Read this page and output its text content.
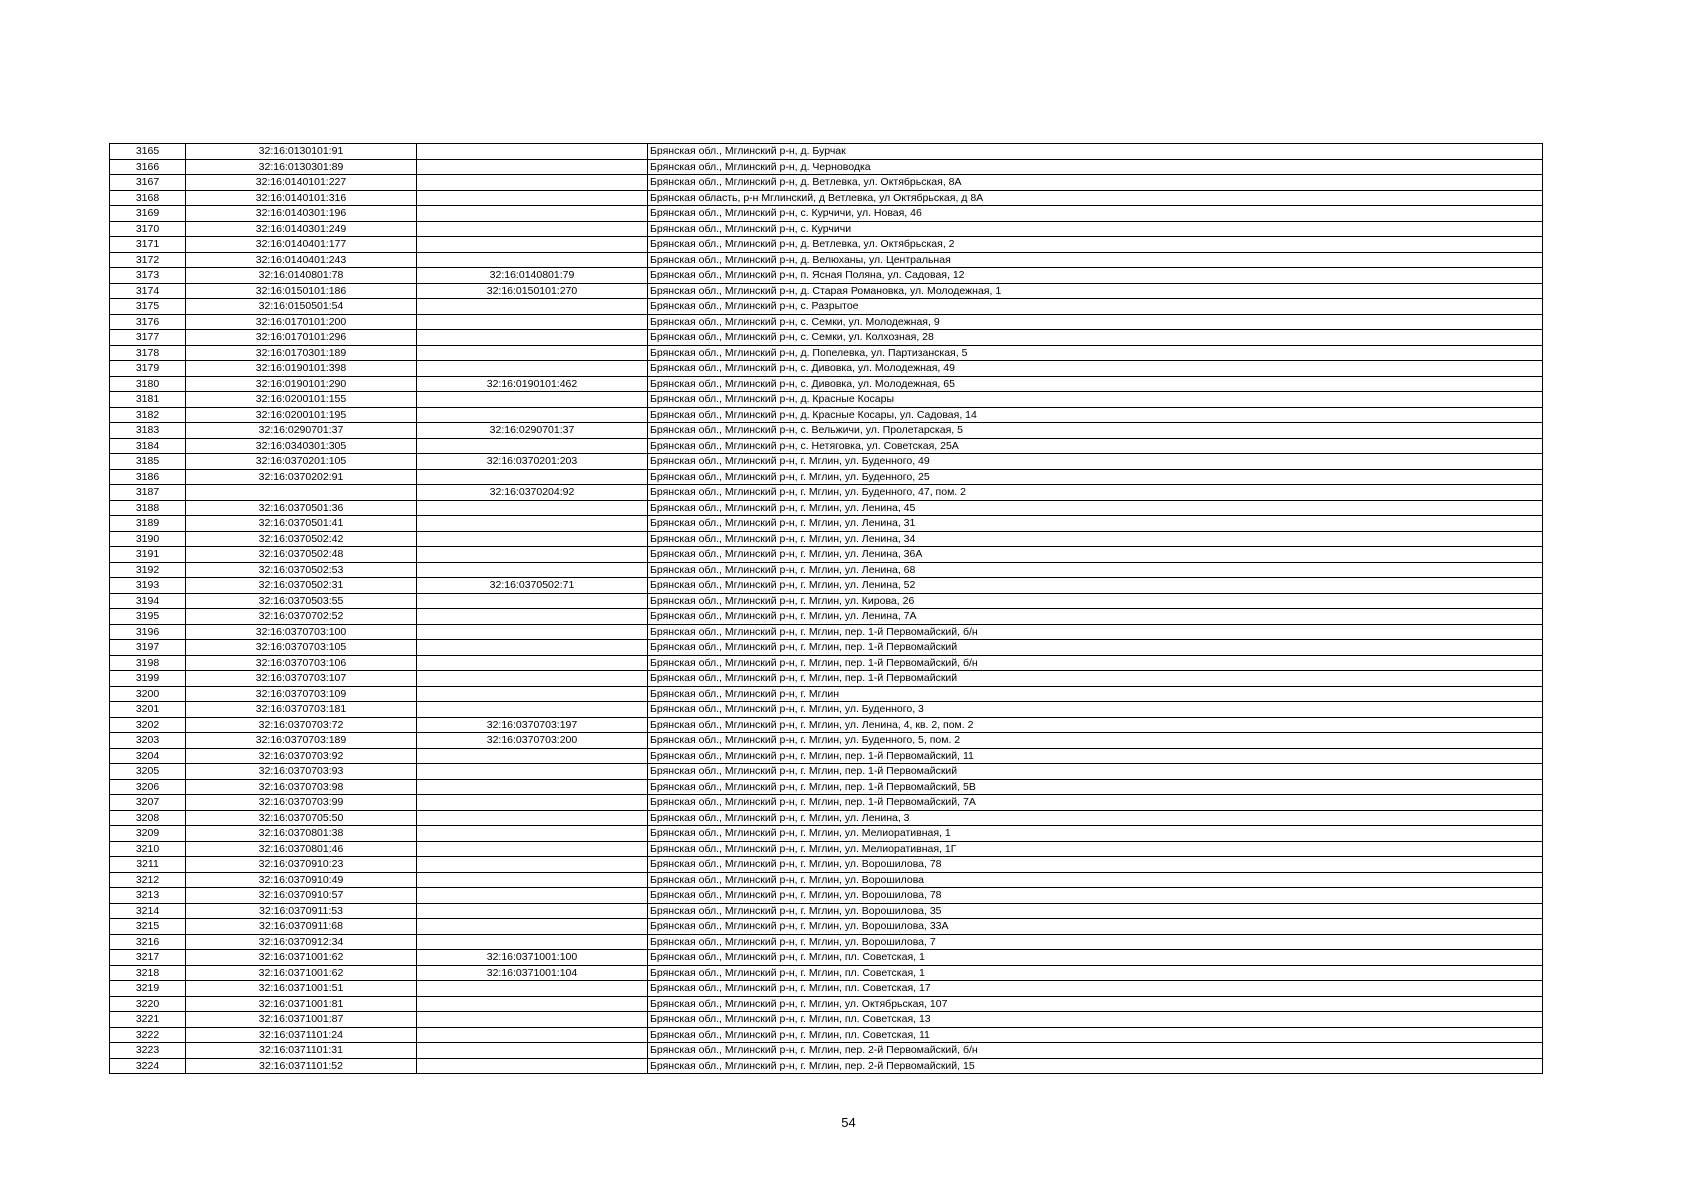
3165	32:16:0130101:91		Брянская обл., Мглинский р-н, д. Бурчак
3166	32:16:0130301:89		Брянская обл., Мглинский р-н, д. Черноводка
3167	32:16:0140101:227		Брянская обл., Мглинский р-н, д. Ветлевка, ул. Октябрьская, 8А
3168	32:16:0140101:316		Брянская область, р-н Мглинский, д Ветлевка, ул Октябрьская, д 8А
3169	32:16:0140301:196		Брянская обл., Мглинский р-н, с. Курчичи, ул. Новая, 46
3170	32:16:0140301:249		Брянская обл., Мглинский р-н, с. Курчичи
3171	32:16:0140401:177		Брянская обл., Мглинский р-н, д. Ветлевка, ул. Октябрьская, 2
3172	32:16:0140401:243		Брянская обл., Мглинский р-н, д. Велюханы, ул. Центральная
3173	32:16:0140801:78	32:16:0140801:79	Брянская обл., Мглинский р-н, п. Ясная Поляна, ул. Садовая, 12
3174	32:16:0150101:186	32:16:0150101:270	Брянская обл., Мглинский р-н, д. Старая Романовка, ул. Молодежная, 1
3175	32:16:0150501:54		Брянская обл., Мглинский р-н, с. Разрытое
3176	32:16:0170101:200		Брянская обл., Мглинский р-н, с. Семки, ул. Молодежная, 9
3177	32:16:0170101:296		Брянская обл., Мглинский р-н, с. Семки, ул. Колхозная, 28
3178	32:16:0170301:189		Брянская обл., Мглинский р-н, д. Попелевка, ул. Партизанская, 5
3179	32:16:0190101:398		Брянская обл., Мглинский р-н, с. Дивовка, ул. Молодежная, 49
3180	32:16:0190101:290	32:16:0190101:462	Брянская обл., Мглинский р-н, с. Дивовка, ул. Молодежная, 65
3181	32:16:0200101:155		Брянская обл., Мглинский р-н, д. Красные Косары
3182	32:16:0200101:195		Брянская обл., Мглинский р-н, д. Красные Косары, ул. Садовая, 14
3183	32:16:0290701:37	32:16:0290701:37	Брянская обл., Мглинский р-н, с. Вельжичи, ул. Пролетарская, 5
3184	32:16:0340301:305		Брянская обл., Мглинский р-н, с. Нетяговка, ул. Советская, 25А
3185	32:16:0370201:105	32:16:0370201:203	Брянская обл., Мглинский р-н, г. Мглин, ул. Буденного, 49
3186	32:16:0370202:91		Брянская обл., Мглинский р-н, г. Мглин, ул. Буденного, 25
3187		32:16:0370204:92	Брянская обл., Мглинский р-н, г. Мглин, ул. Буденного, 47, пом. 2
3188	32:16:0370501:36		Брянская обл., Мглинский р-н, г. Мглин, ул. Ленина, 45
3189	32:16:0370501:41		Брянская обл., Мглинский р-н, г. Мглин, ул. Ленина, 31
3190	32:16:0370502:42		Брянская обл., Мглинский р-н, г. Мглин, ул. Ленина, 34
3191	32:16:0370502:48		Брянская обл., Мглинский р-н, г. Мглин, ул. Ленина, 36А
3192	32:16:0370502:53		Брянская обл., Мглинский р-н, г. Мглин, ул. Ленина, 68
3193	32:16:0370502:31	32:16:0370502:71	Брянская обл., Мглинский р-н, г. Мглин, ул. Ленина, 52
3194	32:16:0370503:55		Брянская обл., Мглинский р-н, г. Мглин, ул. Кирова, 26
3195	32:16:0370702:52		Брянская обл., Мглинский р-н, г. Мглин, ул. Ленина, 7А
3196	32:16:0370703:100		Брянская обл., Мглинский р-н, г. Мглин, пер. 1-й Первомайский, б/н
3197	32:16:0370703:105		Брянская обл., Мглинский р-н, г. Мглин, пер. 1-й Первомайский
3198	32:16:0370703:106		Брянская обл., Мглинский р-н, г. Мглин, пер. 1-й Первомайский, б/н
3199	32:16:0370703:107		Брянская обл., Мглинский р-н, г. Мглин, пер. 1-й Первомайский
3200	32:16:0370703:109		Брянская обл., Мглинский р-н, г. Мглин
3201	32:16:0370703:181		Брянская обл., Мглинский р-н, г. Мглин, ул. Буденного, 3
3202	32:16:0370703:72	32:16:0370703:197	Брянская обл., Мглинский р-н, г. Мглин, ул. Ленина, 4, кв. 2, пом. 2
3203	32:16:0370703:189	32:16:0370703:200	Брянская обл., Мглинский р-н, г. Мглин, ул. Буденного, 5, пом. 2
3204	32:16:0370703:92		Брянская обл., Мглинский р-н, г. Мглин, пер. 1-й Первомайский, 11
3205	32:16:0370703:93		Брянская обл., Мглинский р-н, г. Мглин, пер. 1-й Первомайский
3206	32:16:0370703:98		Брянская обл., Мглинский р-н, г. Мглин, пер. 1-й Первомайский, 5В
3207	32:16:0370703:99		Брянская обл., Мглинский р-н, г. Мглин, пер. 1-й Первомайский, 7А
3208	32:16:0370705:50		Брянская обл., Мглинский р-н, г. Мглин, ул. Ленина, 3
3209	32:16:0370801:38		Брянская обл., Мглинский р-н, г. Мглин, ул. Мелиоративная, 1
3210	32:16:0370801:46		Брянская обл., Мглинский р-н, г. Мглин, ул. Мелиоративная, 1Г
3211	32:16:0370910:23		Брянская обл., Мглинский р-н, г. Мглин, ул. Ворошилова, 78
3212	32:16:0370910:49		Брянская обл., Мглинский р-н, г. Мглин, ул. Ворошилова
3213	32:16:0370910:57		Брянская обл., Мглинский р-н, г. Мглин, ул. Ворошилова, 78
3214	32:16:0370911:53		Брянская обл., Мглинский р-н, г. Мглин, ул. Ворошилова, 35
3215	32:16:0370911:68		Брянская обл., Мглинский р-н, г. Мглин, ул. Ворошилова, 33А
3216	32:16:0370912:34		Брянская обл., Мглинский р-н, г. Мглин, ул. Ворошилова, 7
3217	32:16:0371001:62	32:16:0371001:100	Брянская обл., Мглинский р-н, г. Мглин, пл. Советская, 1
3218	32:16:0371001:62	32:16:0371001:104	Брянская обл., Мглинский р-н, г. Мглин, пл. Советская, 1
3219	32:16:0371001:51		Брянская обл., Мглинский р-н, г. Мглин, пл. Советская, 17
3220	32:16:0371001:81		Брянская обл., Мглинский р-н, г. Мглин, ул. Октябрьская, 107
3221	32:16:0371001:87		Брянская обл., Мглинский р-н, г. Мглин, пл. Советская, 13
3222	32:16:0371101:24		Брянская обл., Мглинский р-н, г. Мглин, пл. Советская, 11
3223	32:16:0371101:31		Брянская обл., Мглинский р-н, г. Мглин, пер. 2-й Первомайский, б/н
3224	32:16:0371101:52		Брянская обл., Мглинский р-н, г. Мглин, пер. 2-й Первомайский, 15
54
